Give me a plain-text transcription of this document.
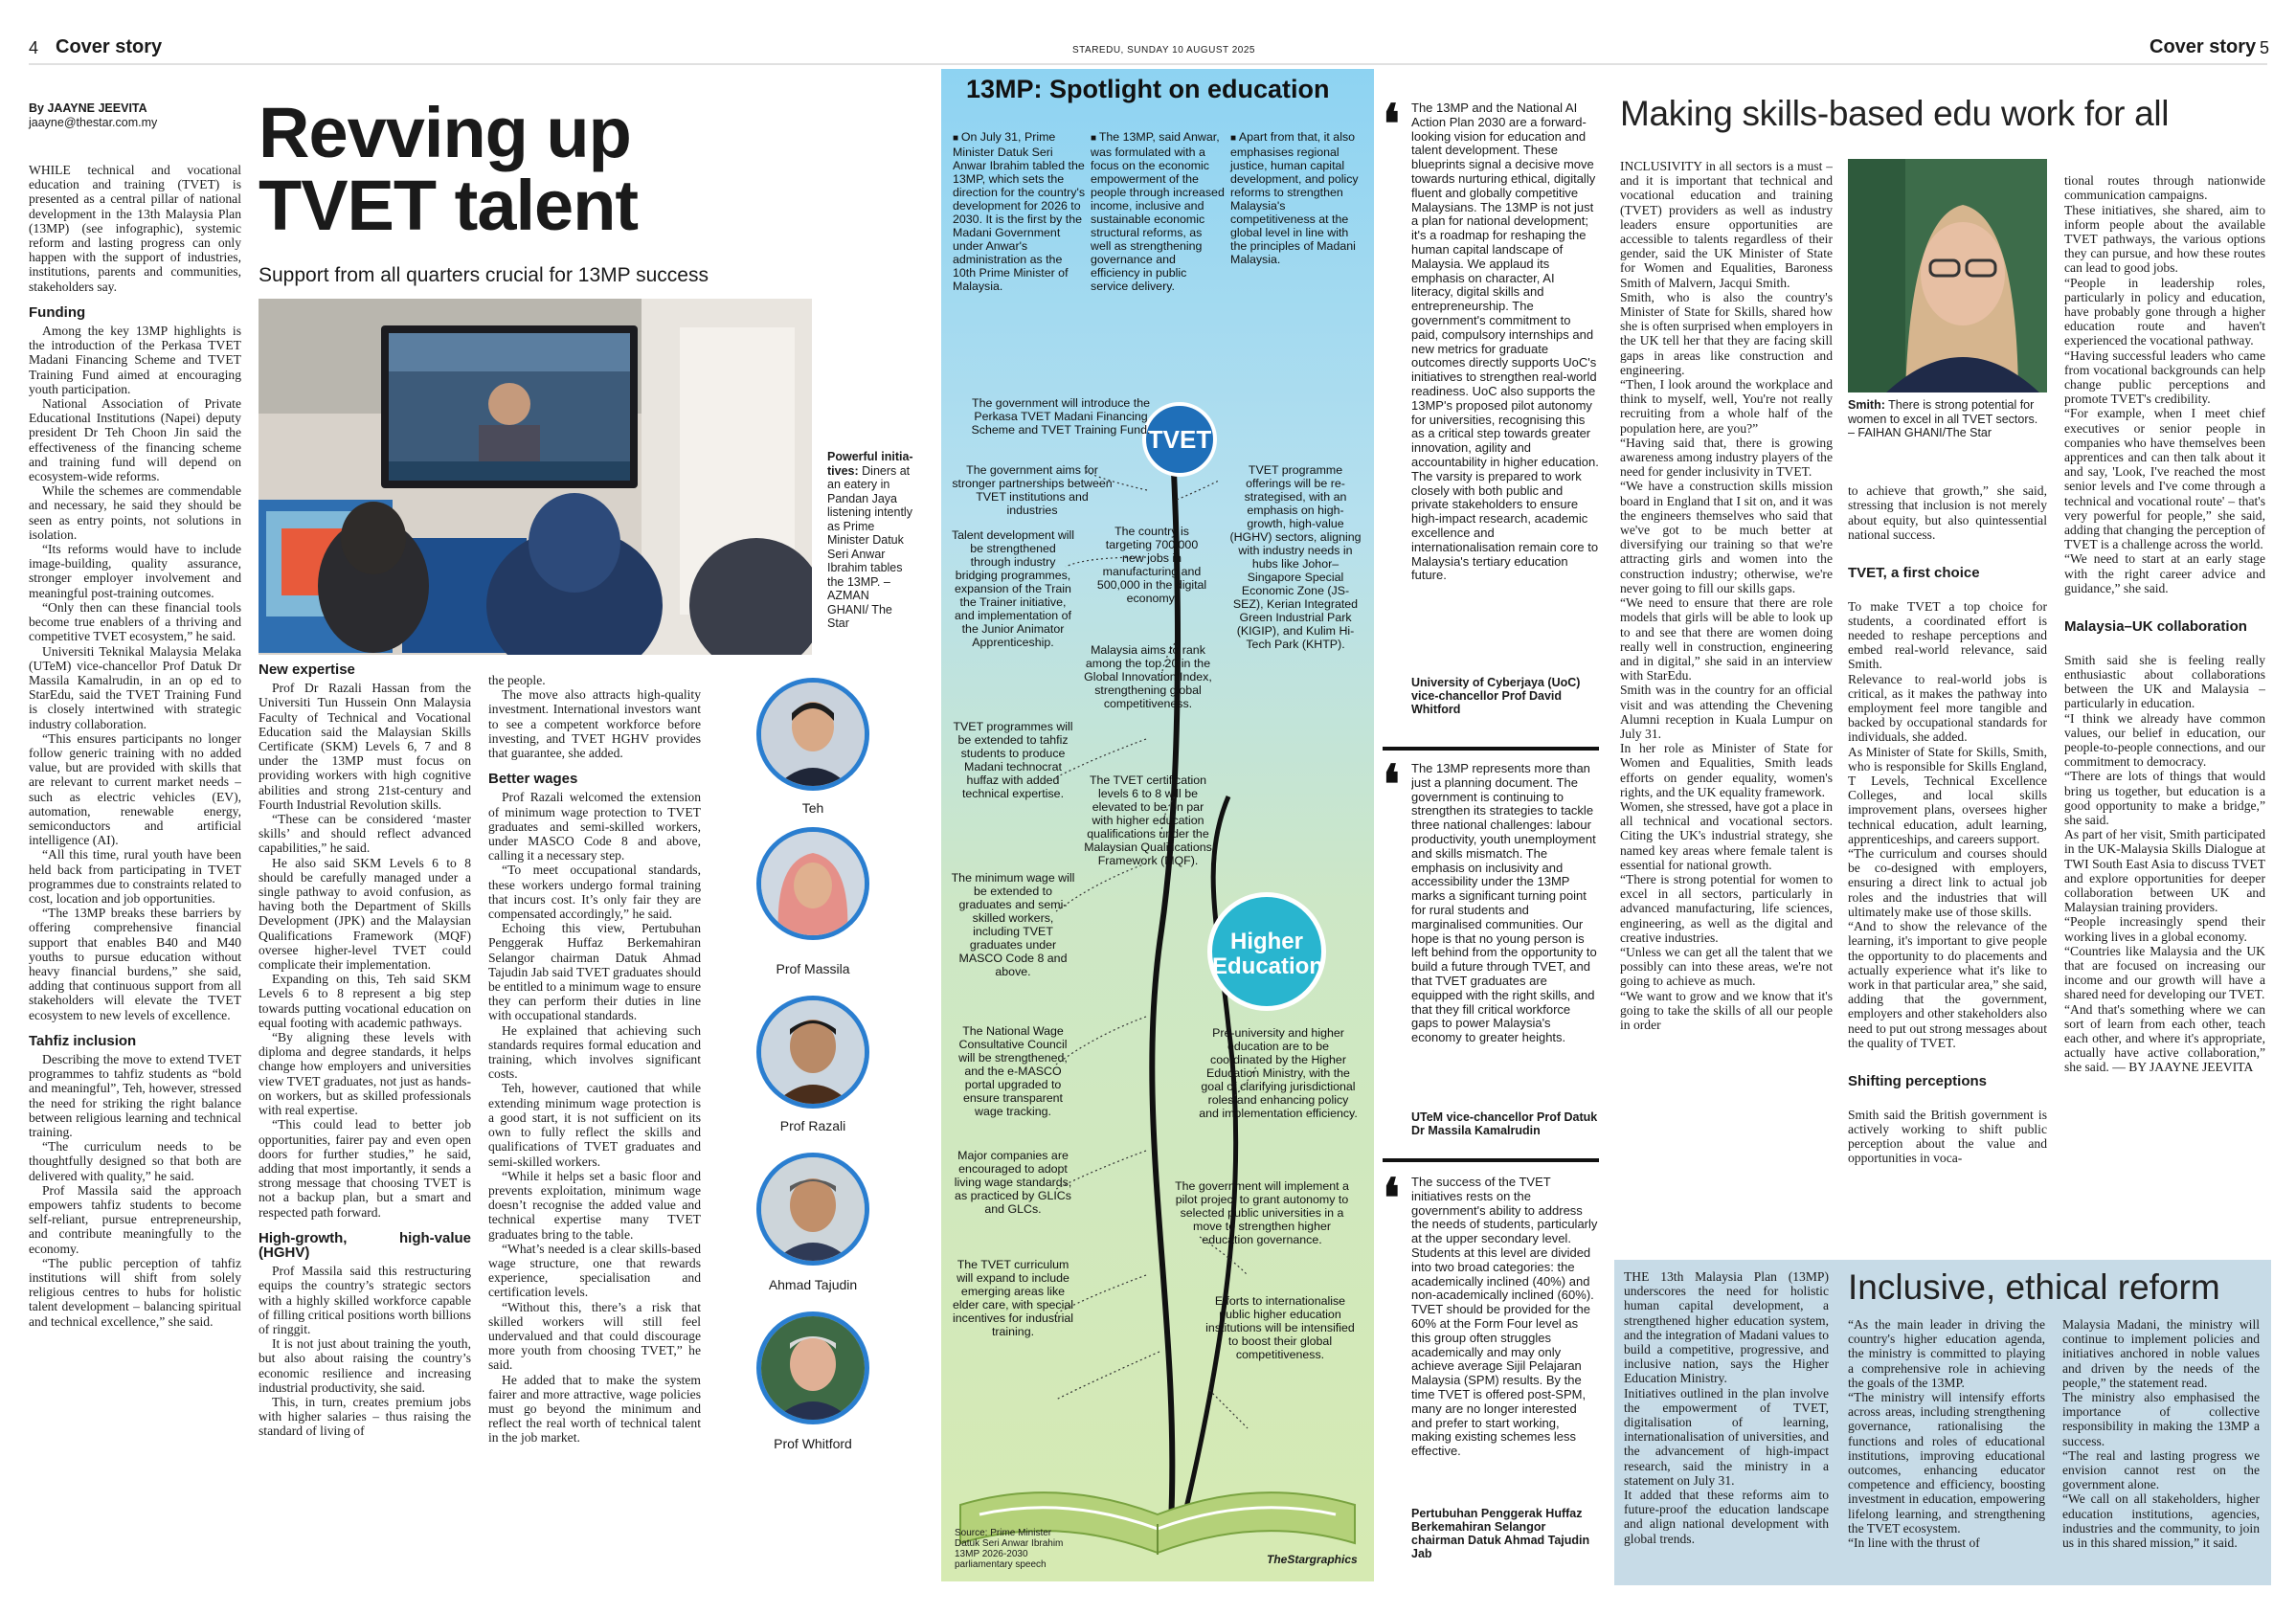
4 Cover story	STAREDU, SUNDAY 10 AUGUST 2025	Cover story 5
By JAAYNE JEEVITA
jaayne@thestar.com.my Revving up
TVET talent
Support from all quarters crucial for 13MP success
Powerful initia-tives: Diners at an eatery in Pandan Jaya listening intently as Prime Minister Datuk Seri Anwar Ibrahim tables the 13MP. – AZMAN GHANI/ The Star

WHILE technical and vocational education and training (TVET) is presented as a central pillar of national development in the 13th Malaysia Plan (13MP) (see infographic), systemic reform and lasting progress can only happen with the support of industries, institutions, parents and communities, stakeholders say.

Funding

Among the key 13MP highlights is the introduction of the Perkasa TVET Madani Financing Scheme and TVET Training Fund aimed at encouraging youth participation.

National Association of Private Educational Institutions (Napei) deputy president Dr Teh Choon Jin said the effectiveness of the financing scheme and training fund will depend on ecosystem-wide reforms.

While the schemes are commendable and necessary, he said they should be seen as entry points, not solutions in isolation.

“Its reforms would have to include image-building, quality assurance, stronger employer involvement and meaningful post-training outcomes.

“Only then can these financial tools become true enablers of a thriving and competitive TVET ecosystem,” he said.

Universiti Teknikal Malaysia Melaka (UTeM) vice-chancellor Prof Datuk Dr Massila Kamalrudin, in an op ed to StarEdu, said the TVET Training Fund is closely intertwined with strategic industry collaboration.

“This ensures participants no longer follow generic training with no added value, but are provided with skills that are relevant to current market needs – such as electric vehicles (EV), automation, renewable energy, semiconductors and artificial intelligence (AI).

“All this time, rural youth have been held back from participating in TVET programmes due to constraints related to cost, location and job opportunities.

“The 13MP breaks these barriers by offering comprehensive financial support that enables B40 and M40 youths to pursue education without heavy financial burdens,” she said, adding that continuous support from all stakeholders will elevate the TVET ecosystem to new levels of excellence.

Tahfiz inclusion

Describing the move to extend TVET programmes to tahfiz students as “bold and meaningful”, Teh, however, stressed the need for striking the right balance between religious learning and technical training.

“The curriculum needs to be thoughtfully designed so that both are delivered with quality,” he said.

Prof Massila said the approach empowers tahfiz students to become self-reliant, pursue entrepreneurship, and contribute meaningfully to the economy.

“The public perception of tahfiz institutions will shift from solely religious centres to hubs for holistic talent development – balancing spiritual and technical excellence,” she said.

New expertise

Prof Dr Razali Hassan from the Universiti Tun Hussein Onn Malaysia Faculty of Technical and Vocational Education said the Malaysian Skills Certificate (SKM) Levels 6, 7 and 8 under the 13MP must focus on providing workers with high cognitive abilities and strong 21st-century and Fourth Industrial Revolution skills.

“These can be considered ‘master skills’ and should reflect advanced capabilities,” he said.

He also said SKM Levels 6 to 8 should be carefully managed under a single pathway to avoid confusion, as having both the Department of Skills Development (JPK) and the Malaysian Qualifications Framework (MQF) oversee higher-level TVET could complicate their implementation.

Expanding on this, Teh said SKM Levels 6 to 8 represent a big step towards putting vocational education on equal footing with academic pathways.

“By aligning these levels with diploma and degree standards, it helps change how employers and universities view TVET graduates, not just as hands-on workers, but as skilled professionals with real expertise.

“This could lead to better job opportunities, fairer pay and even open doors for further studies,” he said, adding that most importantly, it sends a strong message that choosing TVET is not a backup plan, but a smart and respected path forward.

High-growth, high-value (HGHV)

Prof Massila said this restructuring equips the country’s strategic sectors with a highly skilled workforce capable of filling critical positions worth billions of ringgit.

It is not just about training the youth, but also about raising the country’s economic resilience and increasing industrial productivity, she said.

This, in turn, creates premium jobs with higher salaries – thus raising the standard of living of

the people.

The move also attracts high-quality investment. International investors want to see a competent workforce before investing, and TVET HGHV provides that guarantee, she added.

Better wages

Prof Razali welcomed the extension of minimum wage protection to TVET graduates and semi-skilled workers, under MASCO Code 8 and above, calling it a necessary step.

“To meet occupational standards, these workers undergo formal training that incurs cost. It’s only fair they are compensated accordingly,” he said.

Echoing this view, Pertubuhan Penggerak Huffaz Berkemahiran Selangor chairman Datuk Ahmad Tajudin Jab said TVET graduates should be entitled to a minimum wage to ensure they can perform their duties in line with occupational standards.

He explained that achieving such standards requires formal education and training, which involves significant costs.

Teh, however, cautioned that while extending minimum wage protection is a good start, it is not sufficient on its own to fully reflect the skills and qualifications of TVET graduates and semi-skilled workers.

“While it helps set a basic floor and prevents exploitation, minimum wage doesn’t recognise the added value and technical expertise many TVET graduates bring to the table.

“What’s needed is a clear skills-based wage structure, one that rewards experience, specialisation and certification levels.

“Without this, there’s a risk that skilled workers will still feel undervalued and that could discourage more youth from choosing TVET,” he said.

He added that to make the system fairer and more attractive, wage policies must go beyond the minimum and reflect the real worth of technical talent in the job market.

Teh
Prof Massila
Prof Razali
Ahmad Tajudin
Prof Whitford
13MP: Spotlight on education
■ On July 31, Prime Minister Datuk Seri Anwar Ibrahim tabled the 13MP, which sets the direction for the country's development for 2026 to 2030. It is the first by the Madani Government under Anwar's administration as the 10th Prime Minister of Malaysia.
■ The 13MP, said Anwar, was formulated with a focus on the economic empowerment of the people through increased income, inclusive and sustainable economic structural reforms, as well as strengthening governance and efficiency in public service delivery.
■ Apart from that, it also emphasises regional justice, human capital development, and policy reforms to strengthen Malaysia's competitiveness at the global level in line with the principles of Madani Malaysia.
TVET
Higher
Education
The government will introduce the Perkasa TVET Madani Financing Scheme and TVET Training Fund.
The government aims for stronger partnerships between TVET institutions and industries
Talent development will be strengthened through industry bridging programmes, expansion of the Train the Trainer initiative, and implementation of the Junior Animator Apprenticeship.
TVET programmes will be extended to tahfiz students to produce Madani technocrat huffaz with added technical expertise.
The minimum wage will be extended to graduates and semi-skilled workers, including TVET graduates under MASCO Code 8 and above.
The National Wage Consultative Council will be strengthened, and the e-MASCO portal upgraded to ensure transparent wage tracking.
Major companies are encouraged to adopt living wage standards, as practiced by GLICs and GLCs.
The TVET curriculum will expand to include emerging areas like elder care, with special incentives for industrial training.
TVET programme offerings will be re-strategised, with an emphasis on high-growth, high-value (HGHV) sectors, aligning with industry needs in hubs like Johor–Singapore Special Economic Zone (JS-SEZ), Kerian Integrated Green Industrial Park (KIGIP), and Kulim Hi-Tech Park (KHTP).
The country is targeting 700,000 new jobs in manufacturing and 500,000 in the digital economy.
Malaysia aims to rank among the top 20 in the Global Innovation Index, strengthening global competitiveness.
The TVET certification levels 6 to 8 will be elevated to be on par with higher education qualifications under the Malaysian Qualifications Framework (MQF).
Pre-university and higher education are to be coordinated by the Higher Education Ministry, with the goal of clarifying jurisdictional roles and enhancing policy and implementation efficiency.
The government will implement a pilot project to grant autonomy to selected public universities in a move to strengthen higher education governance.
Efforts to internationalise public higher education institutions will be intensified to boost their global competitiveness.
Source: Prime Minister Datuk Seri Anwar Ibrahim 13MP 2026-2030 parliamentary speech	TheStargraphics
❛ The 13MP and the National AI Action Plan 2030 are a forward-looking vision for education and talent development. These blueprints signal a decisive move towards nurturing ethical, digitally fluent and globally competitive Malaysians. The 13MP is not just a plan for national development; it's a roadmap for reshaping the human capital landscape of Malaysia. We applaud its emphasis on character, AI literacy, digital skills and entrepreneurship. The government's commitment to paid, compulsory internships and new metrics for graduate outcomes directly supports UoC's initiatives to strengthen real-world readiness. UoC also supports the 13MP's proposed pilot autonomy for universities, recognising this as a critical step towards greater innovation, agility and accountability in higher education. The varsity is prepared to work closely with both public and private stakeholders to ensure high-impact research, academic excellence and internationalisation remain core to Malaysia's tertiary education future.
University of Cyberjaya (UoC) vice-chancellor Prof David Whitford
❛ The 13MP represents more than just a planning document. The government is continuing to strengthen its strategies to tackle three national challenges: labour productivity, youth unemployment and skills mismatch. The emphasis on inclusivity and accessibility under the 13MP marks a significant turning point for rural students and marginalised communities. Our hope is that no young person is left behind from the opportunity to build a future through TVET, and that TVET graduates are equipped with the right skills, and that they fill critical workforce gaps to power Malaysia's economy to greater heights.
UTeM vice-chancellor Prof Datuk Dr Massila Kamalrudin
❛ The success of the TVET initiatives rests on the government's ability to address the needs of students, particularly at the upper secondary level. Students at this level are divided into two broad categories: the academically inclined (40%) and non-academically inclined (60%). TVET should be provided for the 60% at the Form Four level as this group often struggles academically and may only achieve average Sijil Pelajaran Malaysia (SPM) results. By the time TVET is offered post-SPM, many are no longer interested and prefer to start working, making existing schemes less effective.
Pertubuhan Penggerak Huffaz Berkemahiran Selangor chairman Datuk Ahmad Tajudin Jab
Making skills-based edu work for all
INCLUSIVITY in all sectors is a must – and it is important that technical and vocational education and training (TVET) providers as well as industry leaders ensure opportunities are accessible to talents regardless of their gender, said the UK Minister of State for Women and Equalities, Baroness Smith of Malvern, Jacqui Smith.
Smith, who is also the country's Minister of State for Skills, shared how she is often surprised when employers in the UK tell her that they are facing skill gaps in areas like construction and engineering.
“Then, I look around the workplace and think to myself, well, You're not really recruiting from a whole half of the population here, are you?”
“Having said that, there is growing awareness among industry players of the need for gender inclusivity in TVET.
“We have a construction skills mission board in England that I sit on, and it was the engineers themselves who said that we've got to be much better at diversifying our training so that we're attracting girls and women into the construction industry; otherwise, we're never going to fill our skills gaps.
“We need to ensure that there are role models that girls will be able to look up to and see that there are women doing really well in construction, engineering and in digital,” she said in an interview with StarEdu.
Smith was in the country for an official visit and was attending the Chevening Alumni reception in Kuala Lumpur on July 31.
In her role as Minister of State for Women and Equalities, Smith leads efforts on gender equality, women's rights, and the UK equality framework.
Women, she stressed, have got a place in all technical and vocational sectors. Citing the UK's industrial strategy, she named key areas where female talent is essential for national growth.
“There is strong potential for women to excel in all sectors, particularly in advanced manufacturing, life sciences, engineering, as well as the digital and creative industries.
“Unless we can get all the talent that we possibly can into these areas, we're not going to achieve as much.
“We want to grow and we know that it's going to take the skills of all our people in order
Smith: There is strong potential for women to excel in all TVET sectors. – FAIHAN GHANI/The Star

to achieve that growth,” she said, stressing that inclusion is not merely about equity, but also quintessential national success.

TVET, a first choice

To make TVET a top choice for students, a coordinated effort is needed to reshape perceptions and embed real-world relevance, said Smith.
Relevance to real-world jobs is critical, as it makes the pathway into employment feel more tangible and backed by occupational standards for individuals, she added.
As Minister of State for Skills, Smith, who is responsible for Skills England, T Levels, Technical Excellence Colleges, and local skills improvement plans, oversees higher technical education, adult learning, apprenticeships, and careers support.
“The curriculum and courses should be co-designed with employers, ensuring a direct link to actual job roles and the industries that will ultimately make use of those skills.
“And to show the relevance of the learning, it's important to give people the opportunity to do placements and actually experience what it's like to work in that particular area,” she said, adding that the government, employers and other stakeholders also need to put out strong messages about the quality of TVET.

Shifting perceptions

Smith said the British government is actively working to shift public perception about the value and opportunities in voca-

tional routes through nationwide communication campaigns.
These initiatives, she shared, aim to inform people about the available TVET pathways, the various options they can pursue, and how these routes can lead to good jobs.
“People in leadership roles, particularly in policy and education, have probably gone through a higher education route and haven't experienced the vocational pathway.
“Having successful leaders who came from vocational backgrounds can help change public perceptions and promote TVET's credibility.
“For example, when I meet chief executives or senior people in companies who have themselves been apprentices and can then talk about it and say, 'Look, I've reached the most senior levels and I've come through a technical and vocational route' – that's very powerful for people,” she said, adding that changing the perception of TVET is a challenge across the world.
“We need to start at an early stage with the right career advice and guidance,” she said.

Malaysia–UK collaboration

Smith said she is feeling really enthusiastic about collaborations between the UK and Malaysia – particularly in education.
“I think we already have common values, our belief in education, our people-to-people connections, and our commitment to democracy.
“There are lots of things that would bring us together, but education is a good opportunity to make a bridge,” she said.
As part of her visit, Smith participated in the UK-Malaysia Skills Dialogue at TWI South East Asia to discuss TVET and explore opportunities for deeper collaboration between UK and Malaysian training providers.
“People increasingly spend their working lives in a global economy.
“Countries like Malaysia and the UK that are focused on increasing our income and our growth will have a shared need for developing our TVET.
“And that's something where we can sort of learn from each other, teach each other, and where it's appropriate, actually have active collaboration,” she said. — BY JAAYNE JEEVITA

Inclusive, ethical reform
THE 13th Malaysia Plan (13MP) underscores the need for holistic human capital development, a strengthened higher education system, and the integration of Madani values to build a competitive, progressive, and inclusive nation, says the Higher Education Ministry.
Initiatives outlined in the plan involve the empowerment of TVET, digitalisation of learning, internationalisation of universities, and the advancement of high-impact research, said the ministry in a statement on July 31.
It added that these reforms aim to future-proof the education landscape and align national development with global trends.
“As the main leader in driving the country's higher education agenda, the ministry is committed to playing a comprehensive role in achieving the goals of the 13MP.
“The ministry will intensify efforts across areas, including strengthening governance, rationalising the functions and roles of educational institutions, improving educational outcomes, enhancing educator competence and efficiency, boosting investment in education, empowering lifelong learning, and strengthening the TVET ecosystem.
“In line with the thrust of
Malaysia Madani, the ministry will continue to implement policies and initiatives anchored in noble values and driven by the needs of the people,” the statement read.
The ministry also emphasised the importance of collective responsibility in making the 13MP a success.
“The real and lasting progress we envision cannot rest on the government alone.
“We call on all stakeholders, higher education institutions, agencies, industries and the community, to join us in this shared mission,” it said.
